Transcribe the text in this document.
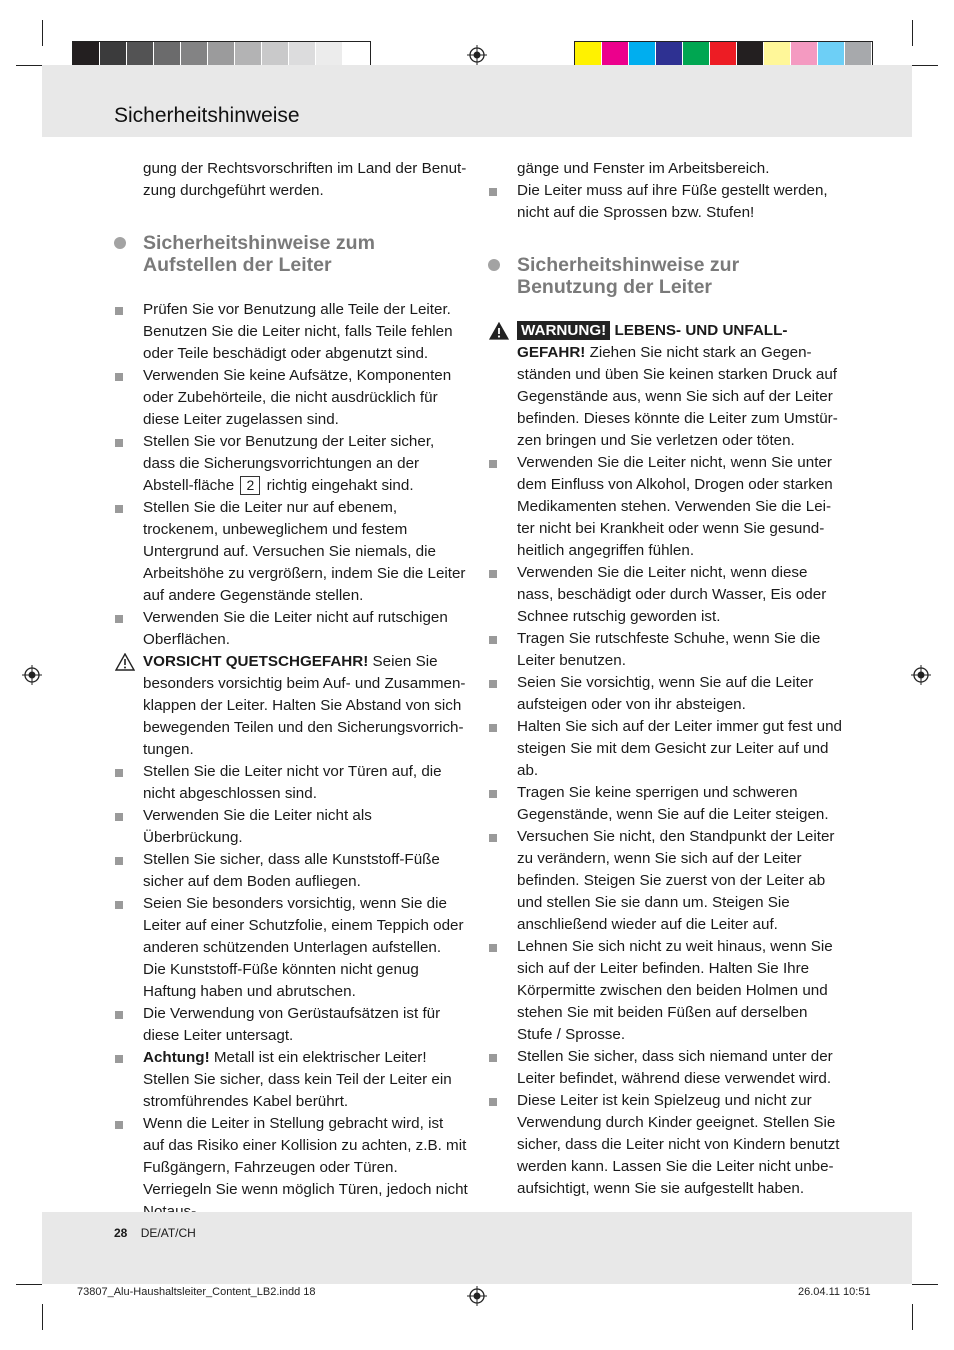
Sicherheitshinweise

gung der Rechtsvorschriften im Land der Benut-zung durchgeführt werden.

Sicherheitshinweise zum Aufstellen der Leiter

Prüfen Sie vor Benutzung alle Teile der Leiter. Benutzen Sie die Leiter nicht, falls Teile fehlen oder Teile beschädigt oder abgenutzt sind.

Verwenden Sie keine Aufsätze, Komponenten oder Zubehörteile, die nicht ausdrücklich für diese Leiter zugelassen sind.

Stellen Sie vor Benutzung der Leiter sicher, dass die Sicherungsvorrichtungen an der Abstell-fläche 2 richtig eingehakt sind.

Stellen Sie die Leiter nur auf ebenem, trockenem, unbeweglichem und festem Untergrund auf. Versuchen Sie niemals, die Arbeitshöhe zu vergrößern, indem Sie die Leiter auf andere Gegenstände stellen.

Verwenden Sie die Leiter nicht auf rutschigen Oberflächen.

VORSICHT QUETSCHGEFAHR! Seien Sie besonders vorsichtig beim Auf- und Zusammen-klappen der Leiter. Halten Sie Abstand von sich bewegenden Teilen und den Sicherungsvorrich-tungen.

Stellen Sie die Leiter nicht vor Türen auf, die nicht abgeschlossen sind.

Verwenden Sie die Leiter nicht als Überbrückung.

Stellen Sie sicher, dass alle Kunststoff-Füße sicher auf dem Boden aufliegen.

Seien Sie besonders vorsichtig, wenn Sie die Leiter auf einer Schutzfolie, einem Teppich oder anderen schützenden Unterlagen aufstellen. Die Kunststoff-Füße könnten nicht genug Haftung haben und abrutschen.

Die Verwendung von Gerüstaufsätzen ist für diese Leiter untersagt.

Achtung! Metall ist ein elektrischer Leiter! Stellen Sie sicher, dass kein Teil der Leiter ein stromführendes Kabel berührt.

Wenn die Leiter in Stellung gebracht wird, ist auf das Risiko einer Kollision zu achten, z.B. mit Fußgängern, Fahrzeugen oder Türen. Verriegeln Sie wenn möglich Türen, jedoch nicht

gänge und Fenster im Arbeitsbereich.

Die Leiter muss auf ihre Füße gestellt werden, nicht auf die Sprossen bzw. Stufen!

Sicherheitshinweise zur Benutzung der Leiter

WARNUNG! LEBENS- UND UNFALL-GEFAHR! Ziehen Sie nicht stark an Gegen-ständen und üben Sie keinen starken Druck auf Gegenstände aus, wenn Sie sich auf der Leiter befinden. Dieses könnte die Leiter zum Umstür-zen bringen und Sie verletzen oder töten.

Verwenden Sie die Leiter nicht, wenn Sie unter dem Einfluss von Alkohol, Drogen oder starken Medikamenten stehen. Verwenden Sie die Lei-ter nicht bei Krankheit oder wenn Sie gesund-heitlich angegriffen fühlen.

Verwenden Sie die Leiter nicht, wenn diese nass, beschädigt oder durch Wasser, Eis oder Schnee rutschig geworden ist.

Tragen Sie rutschfeste Schuhe, wenn Sie die Leiter benutzen.

Seien Sie vorsichtig, wenn Sie auf die Leiter aufsteigen oder von ihr absteigen.

Halten Sie sich auf der Leiter immer gut fest und steigen Sie mit dem Gesicht zur Leiter auf und ab.

Tragen Sie keine sperrigen und schweren Gegenstände, wenn Sie auf die Leiter steigen.

Versuchen Sie nicht, den Standpunkt der Leiter zu verändern, wenn Sie sich auf der Leiter befinden. Steigen Sie zuerst von der Leiter ab und stellen Sie sie dann um. Steigen Sie anschließend wieder auf die Leiter auf.

Lehnen Sie sich nicht zu weit hinaus, wenn Sie sich auf der Leiter befinden. Halten Sie Ihre Körpermitte zwischen den beiden Holmen und stehen Sie mit beiden Füßen auf derselben Stufe / Sprosse.

Stellen Sie sicher, dass sich niemand unter der Leiter befindet, während diese verwendet wird.

Diese Leiter ist kein Spielzeug und nicht zur Verwendung durch Kinder geeignet. Stellen Sie sicher, dass die Leiter nicht von Kindern benutzt werden kann. Lassen Sie die Leiter nicht unbe-aufsichtigt, wenn Sie sie aufgestellt haben.

28 DE/AT/CH
73807_Alu-Haushaltsleiter_Content_LB2.indd 18	26.04.11 10:51
